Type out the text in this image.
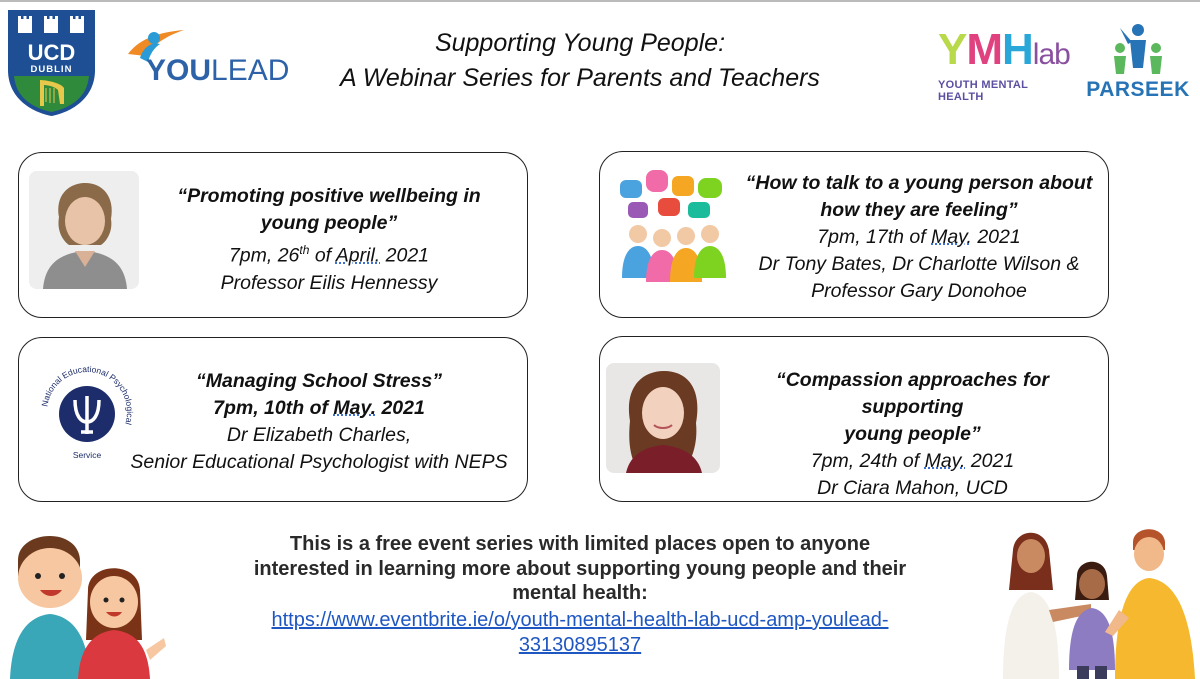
UCD
DUBLIN YOULEAD
Supporting Young People:
A Webinar Series for Parents and Teachers
YMHlab
YOUTH MENTAL HEALTH	PARSEEK
“Promoting positive wellbeing in
young people”
7pm, 26th of April. 2021
Professor Eilis Hennessy
“How to talk to a young person about
how they are feeling”
7pm, 17th of May. 2021
Dr Tony Bates, Dr Charlotte Wilson &
Professor Gary Donohoe
National Educational Psychological
Service
“Managing School Stress”
7pm, 10th of May. 2021
Dr Elizabeth Charles,
Senior Educational Psychologist with NEPS
“Compassion approaches for supporting
young people”
7pm, 24th of May. 2021
Dr Ciara Mahon, UCD
This is a free event series with limited places open to anyone
interested in learning more about supporting young people and their
mental health:
https://www.eventbrite.ie/o/youth-mental-health-lab-ucd-amp-youlead-
33130895137
